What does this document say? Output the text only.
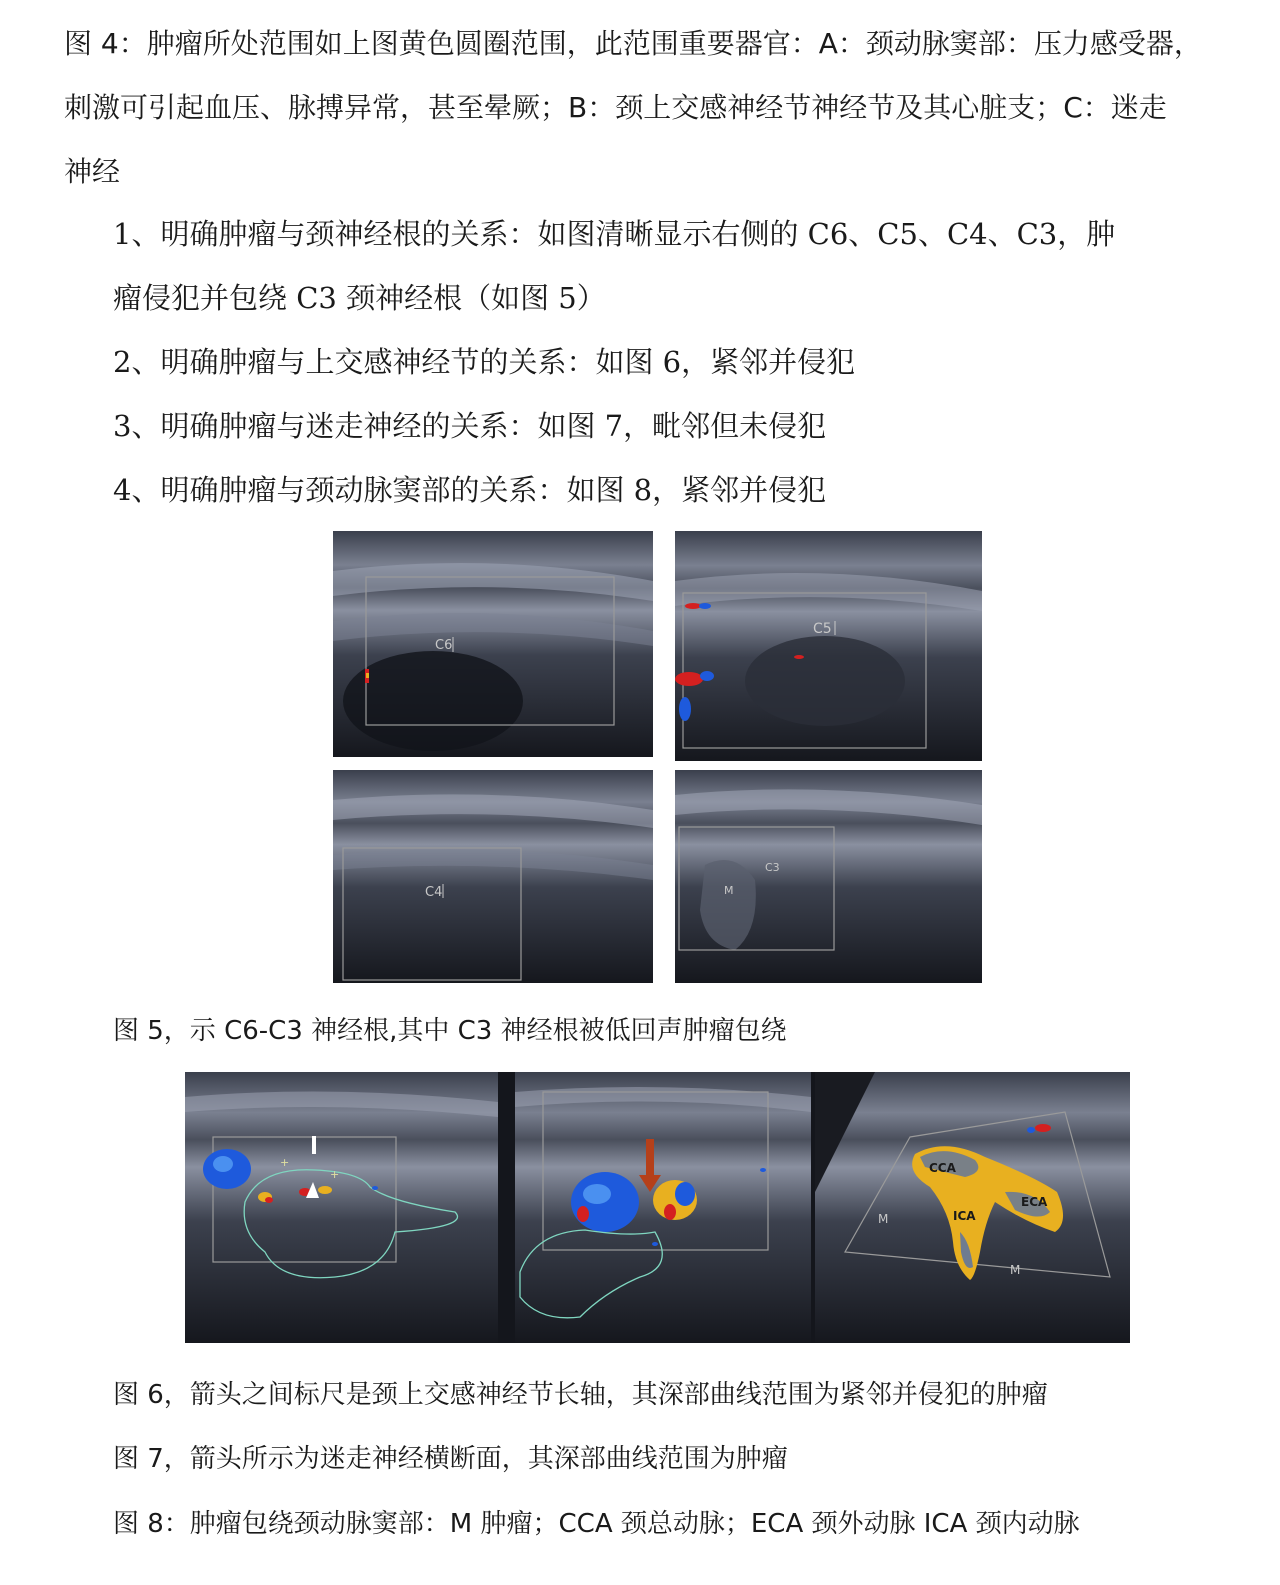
图 4：肿瘤所处范围如上图黄色圆圈范围，此范围重要器官：A：颈动脉窦部：压力感受器，
刺激可引起血压、脉搏异常，甚至晕厥；B：颈上交感神经节神经节及其心脏支；C：迷走
神经

1、明确肿瘤与颈神经根的关系：如图清晰显示右侧的 C6、C5、C4、C3，肿
瘤侵犯并包绕 C3 颈神经根（如图 5）

2、明确肿瘤与上交感神经节的关系：如图 6，紧邻并侵犯

3、明确肿瘤与迷走神经的关系：如图 7，毗邻但未侵犯

4、明确肿瘤与颈动脉窦部的关系：如图 8，紧邻并侵犯

C6
C5
C4
C3
M

图 5，示 C6-C3 神经根,其中 C3 神经根被低回声肿瘤包绕

+
+	CCA
ECA
ICA
M
M

图 6，箭头之间标尺是颈上交感神经节长轴，其深部曲线范围为紧邻并侵犯的肿瘤

图 7，箭头所示为迷走神经横断面，其深部曲线范围为肿瘤

图 8：肿瘤包绕颈动脉窦部：M 肿瘤；CCA 颈总动脉；ECA 颈外动脉 ICA 颈内动脉
